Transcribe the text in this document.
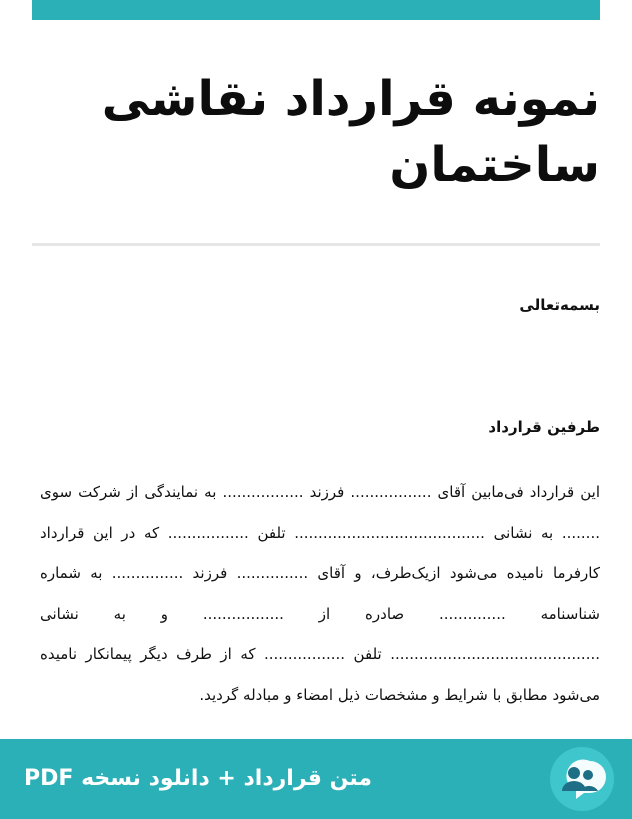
نمونه قرارداد نقاشی ساختمان
بسمه‌تعالی
طرفین قرارداد

این قرارداد فی‌مابین آقای ................. فرزند ................. به نمایندگی از شرکت سوی ........ به نشانی ........................................ تلفن ................. که در این قرارداد کارفرما نامیده می‌شود ازیک‌طرف، و آقای ............... فرزند ............... به شماره شناسنامه .............. صادره از ................. و به نشانی ............................................ تلفن ................. که از طرف دیگر پیمانکار نامیده می‌شود مطابق با شرایط و مشخصات ذیل امضاء و مبادله گردید.

متن قرارداد + دانلود نسخه PDF
